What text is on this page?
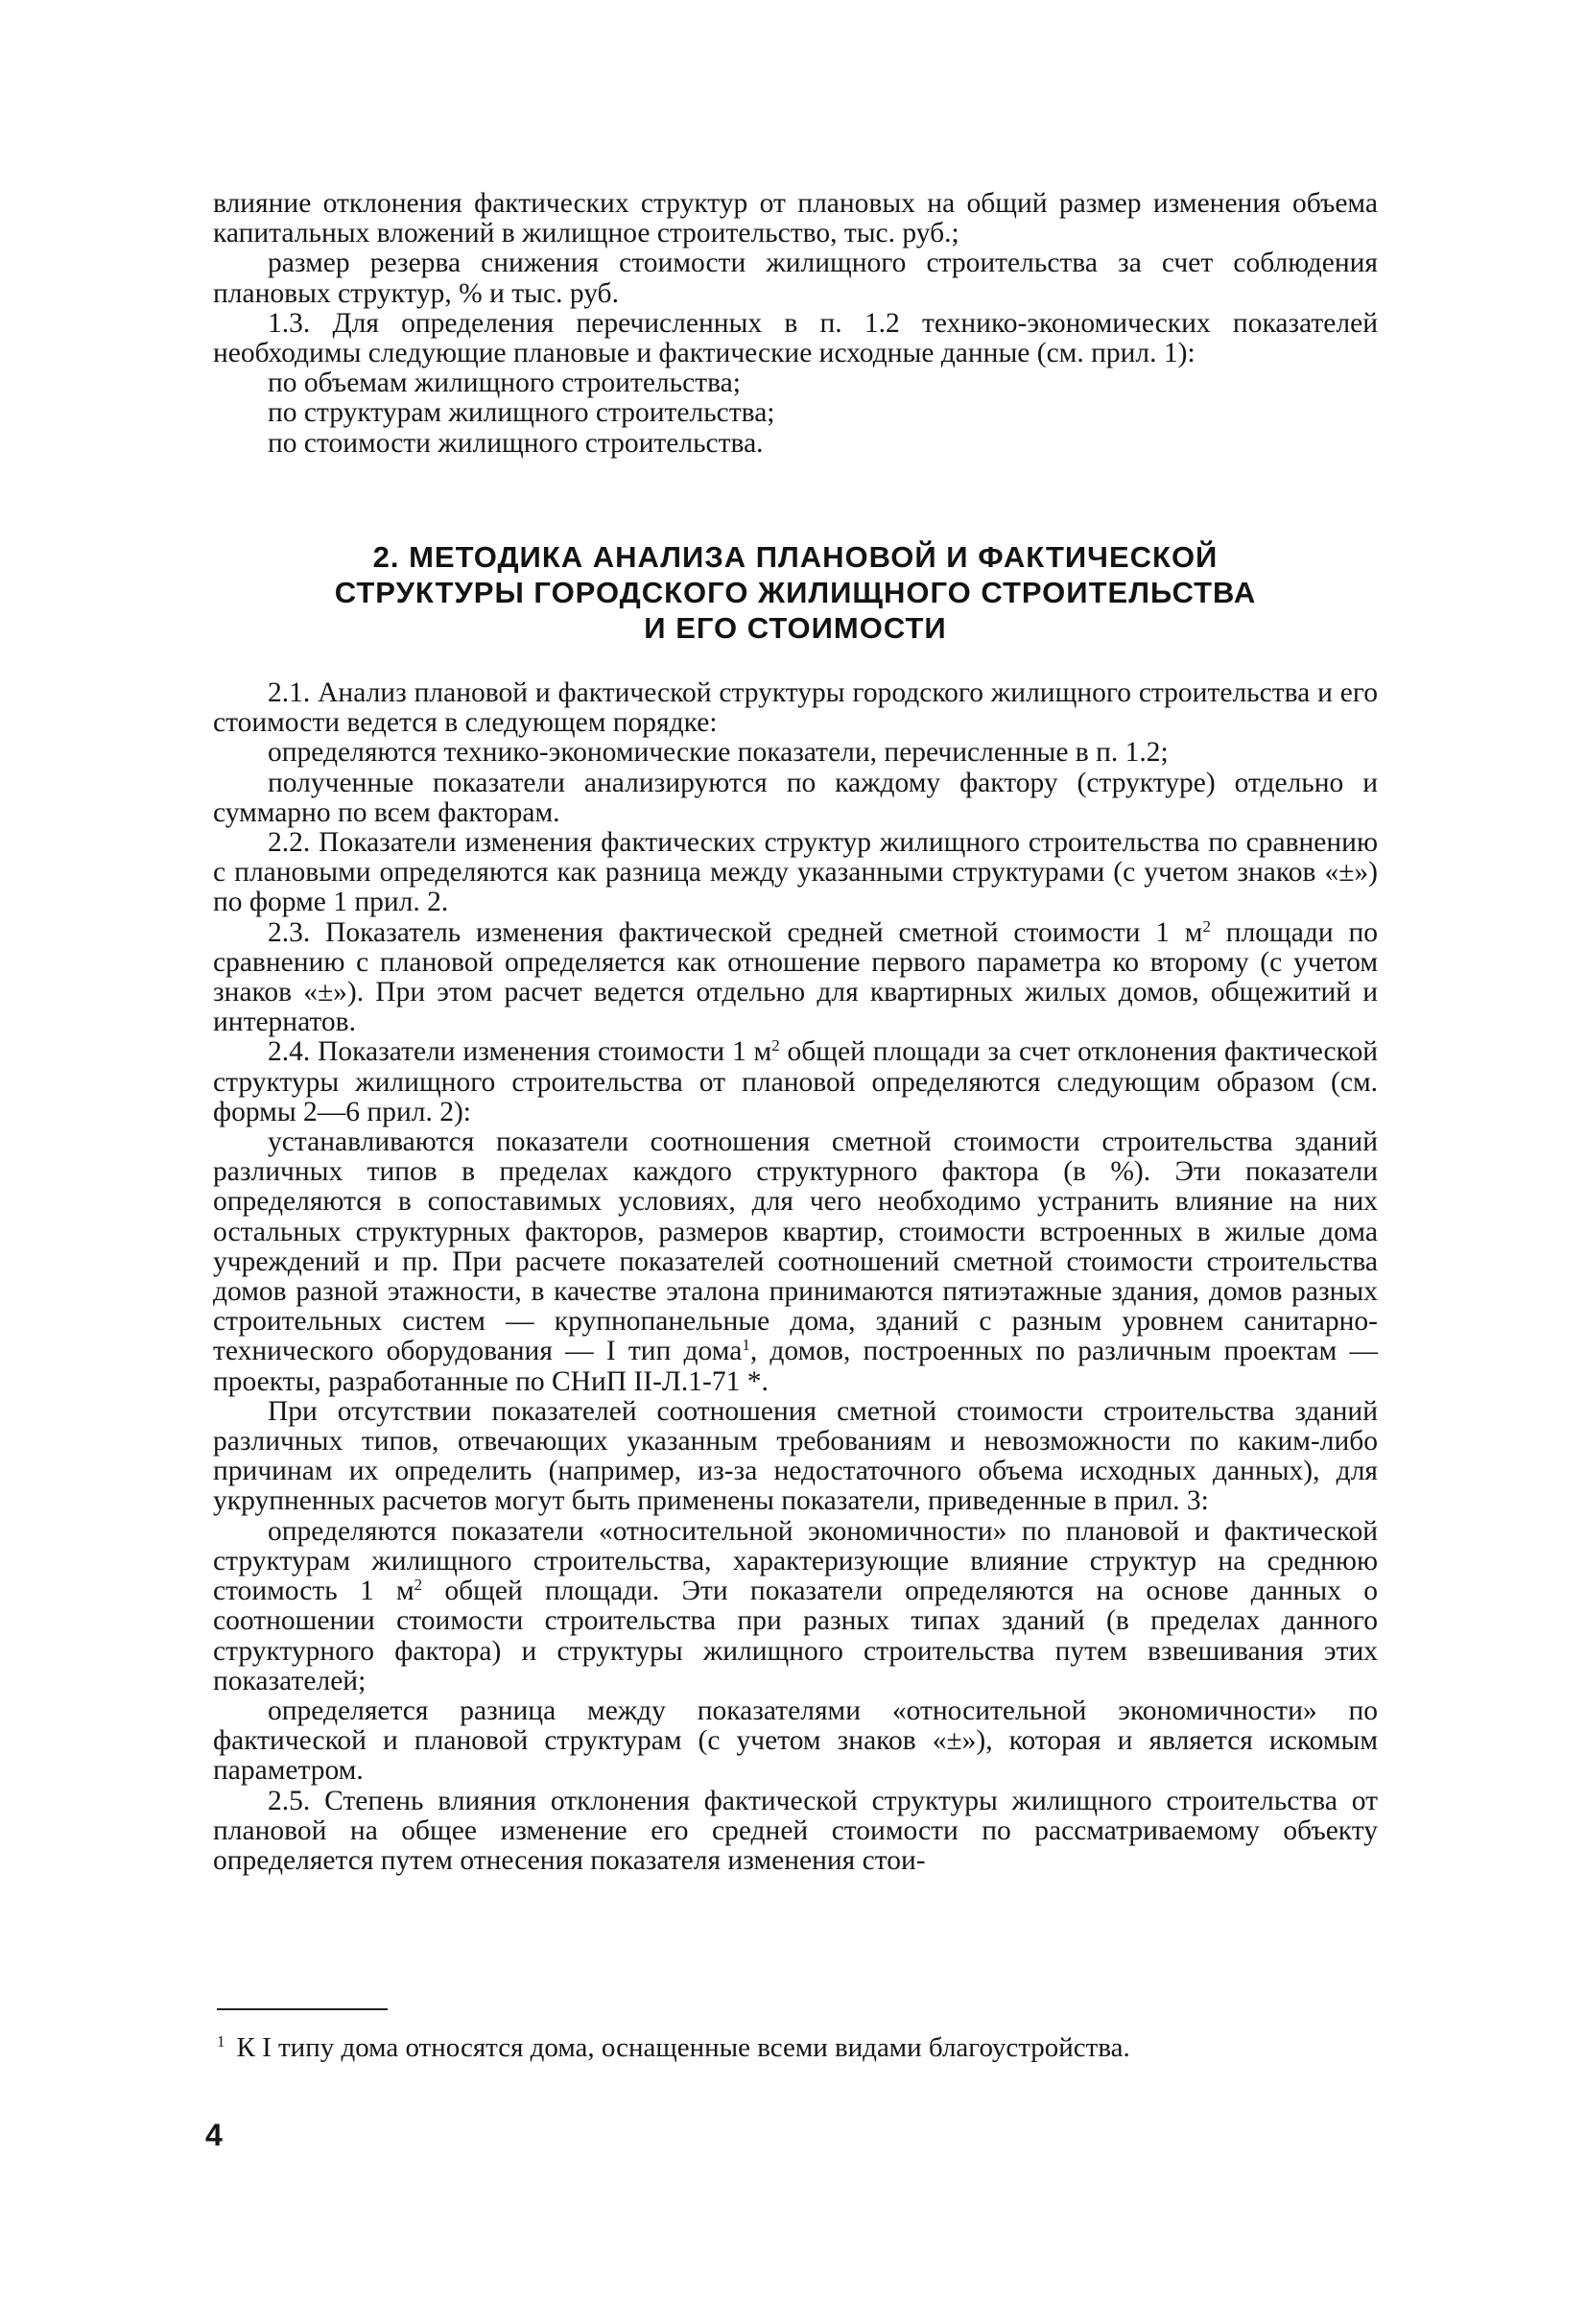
влияние отклонения фактических структур от плановых на общий размер изменения объема капитальных вложений в жилищное строительство, тыс. руб.;

размер резерва снижения стоимости жилищного строительства за счет соблюдения плановых структур, % и тыс. руб.

1.3. Для определения перечисленных в п. 1.2 технико-экономических показателей необходимы следующие плановые и фактические исходные данные (см. прил. 1):

по объемам жилищного строительства;

по структурам жилищного строительства;

по стоимости жилищного строительства.

2. МЕТОДИКА АНАЛИЗА ПЛАНОВОЙ И ФАКТИЧЕСКОЙ
СТРУКТУРЫ ГОРОДСКОГО ЖИЛИЩНОГО СТРОИТЕЛЬСТВА
И ЕГО СТОИМОСТИ

2.1. Анализ плановой и фактической структуры городского жилищного строительства и его стоимости ведется в следующем порядке:

определяются технико-экономические показатели, перечисленные в п. 1.2;

полученные показатели анализируются по каждому фактору (структуре) отдельно и суммарно по всем факторам.

2.2. Показатели изменения фактических структур жилищного строительства по сравнению с плановыми определяются как разница между указанными структурами (с учетом знаков «±») по форме 1 прил. 2.

2.3. Показатель изменения фактической средней сметной стоимости 1 $м^2$ площади по сравнению с плановой определяется как отношение первого параметра ко второму (с учетом знаков «±»). При этом расчет ведется отдельно для квартирных жилых домов, общежитий и интернатов.

2.4. Показатели изменения стоимости 1 $м^2$ общей площади за счет отклонения фактической структуры жилищного строительства от плановой определяются следующим образом (см. формы 2—6 прил. 2):

устанавливаются показатели соотношения сметной стоимости строительства зданий различных типов в пределах каждого структурного фактора (в %). Эти показатели определяются в сопоставимых условиях, для чего необходимо устранить влияние на них остальных структурных факторов, размеров квартир, стоимости встроенных в жилые дома учреждений и пр. При расчете показателей соотношений сметной стоимости строительства домов разной этажности, в качестве эталона принимаются пятиэтажные здания, домов разных строительных систем — крупнопанельные дома, зданий с разным уровнем санитарно-технического оборудования — I тип дома$^1$, домов, построенных по различным проектам — проекты, разработанные по СНиП II-Л.1-71 *.

При отсутствии показателей соотношения сметной стоимости строительства зданий различных типов, отвечающих указанным требованиям и невозможности по каким-либо причинам их определить (например, из-за недостаточного объема исходных данных), для укрупненных расчетов могут быть применены показатели, приведенные в прил. 3:

определяются показатели «относительной экономичности» по плановой и фактической структурам жилищного строительства, характеризующие влияние структур на среднюю стоимость 1 $м^2$ общей площади. Эти показатели определяются на основе данных о соотношении стоимости строительства при разных типах зданий (в пределах данного структурного фактора) и структуры жилищного строительства путем взвешивания этих показателей;

определяется разница между показателями «относительной экономичности» по фактической и плановой структурам (с учетом знаков «±»), которая и является искомым параметром.

2.5. Степень влияния отклонения фактической структуры жилищного строительства от плановой на общее изменение его средней стоимости по рассматриваемому объекту определяется путем отнесения показателя изменения стои-

$^1$ К I типу дома относятся дома, оснащенные всеми видами благоустройства.
4
